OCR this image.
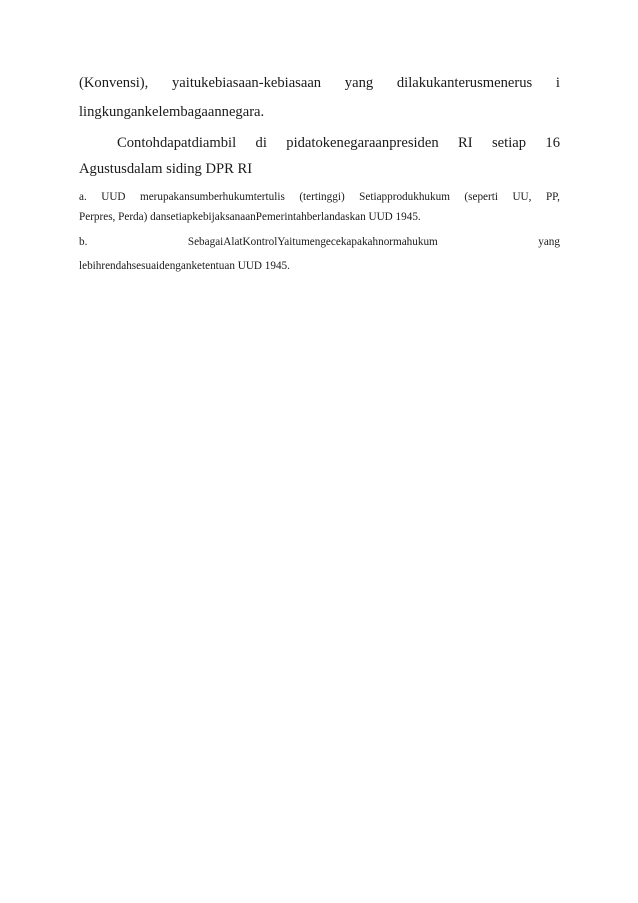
(Konvensi), yaitukebiasaan-kebiasaan yang dilakukanterusmenerus i
lingkungankelembagaannegara.
Contohdapatdiambil di pidatokenegaraanpresiden RI setiap 16
Agustusdalam siding DPR RI
a. UUD merupakansumberhukumtertulis (tertinggi) Setiapprodukhukum (seperti UU, PP,
Perpres, Perda) dansetiapkebijaksanaanPemerintahberlandaskan UUD 1945.
b.	SebagaiAlatKontrolYaitumengecekapakahnormahukum	yang
lebihrendahsesuaidenganketentuan UUD 1945.
